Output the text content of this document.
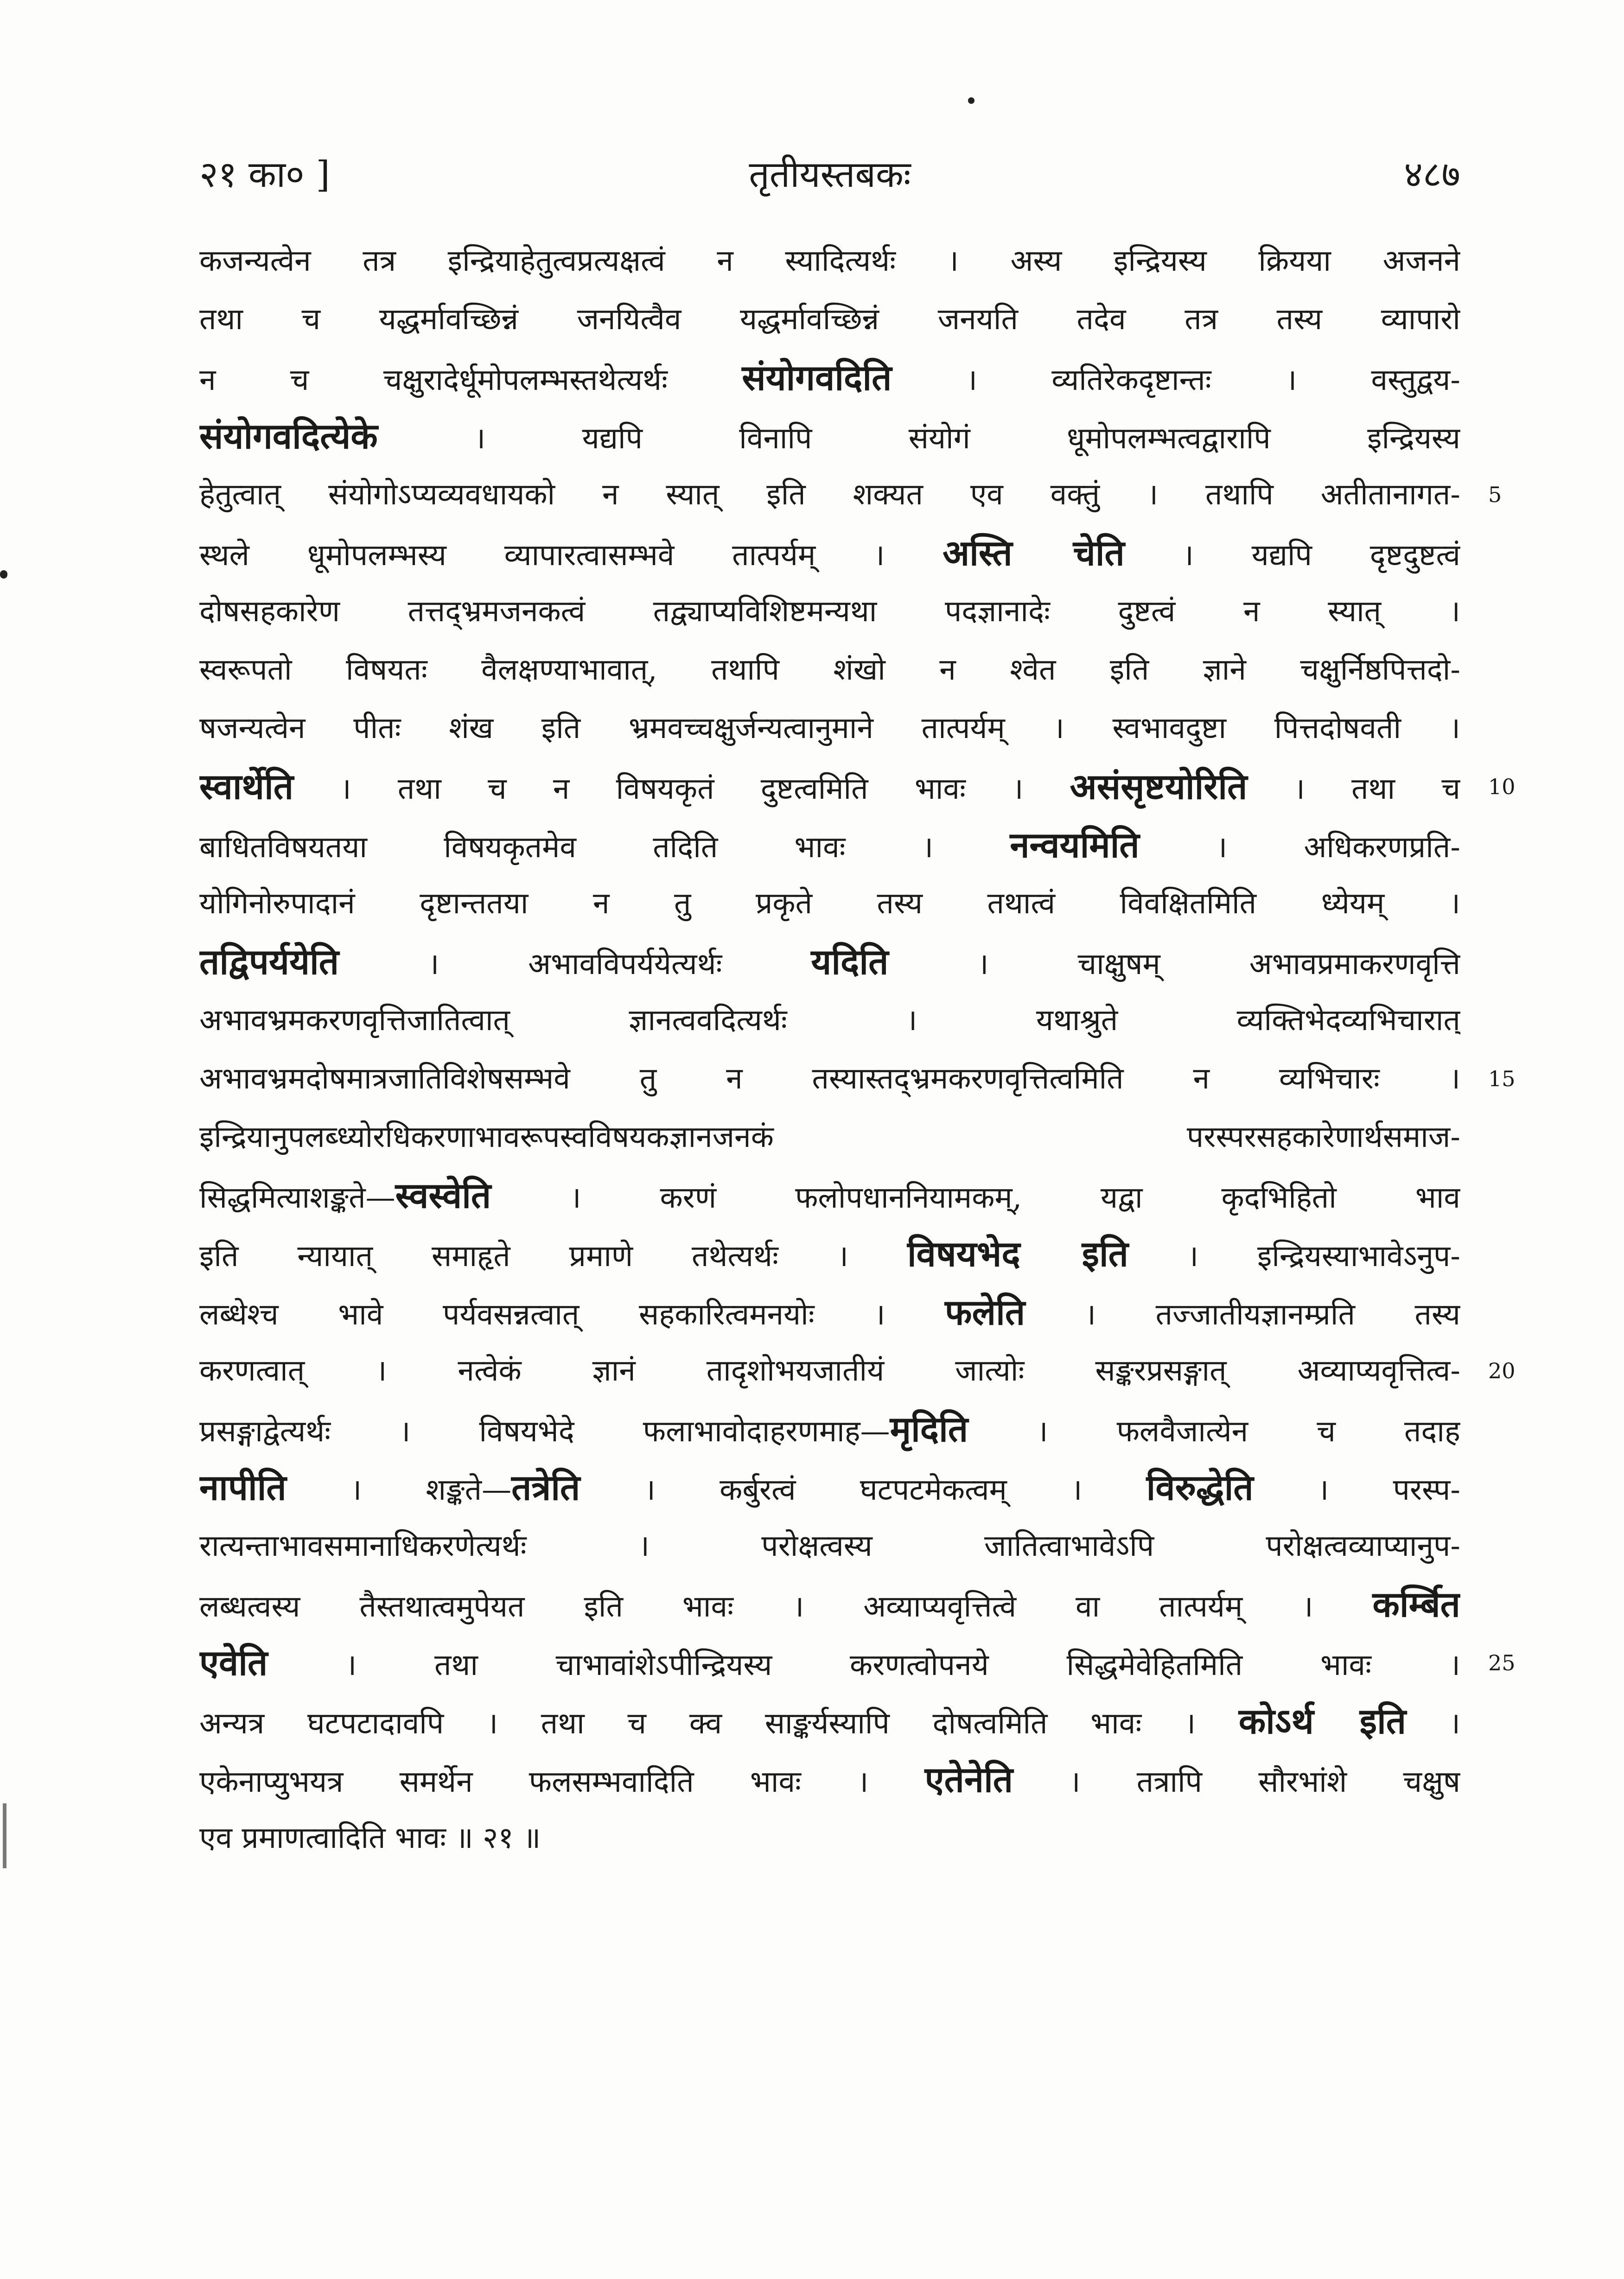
२१ का० ]	तृतीयस्तबकः	४८७
कजन्यत्वेन तत्र इन्द्रियाहेतुत्वप्रत्यक्षत्वं न स्यादित्यर्थः । अस्य इन्द्रियस्य क्रियया अजनने
तथा च यद्धर्मावच्छिन्नं जनयित्वैव यद्धर्मावच्छिन्नं जनयति तदेव तत्र तस्य व्यापारो
न च चक्षुरादेर्धूमोपलम्भस्तथेत्यर्थः संयोगवदिति । व्यतिरेकदृष्टान्तः । वस्तुद्वय-
संयोगवदित्येके । यद्यपि विनापि संयोगं धूमोपलम्भत्वद्वारापि इन्द्रियस्य
हेतुत्वात् संयोगोऽप्यव्यवधायको न स्यात् इति शक्यत एव वक्तुं । तथापि अतीतानागत-
स्थले धूमोपलम्भस्य व्यापारत्वासम्भवे तात्पर्यम् । अस्ति चेति । यद्यपि दृष्टदुष्टत्वं
दोषसहकारेण तत्तद्भ्रमजनकत्वं तद्व्याप्यविशिष्टमन्यथा पदज्ञानादेः दुष्टत्वं न स्यात् ।
स्वरूपतो विषयतः वैलक्षण्याभावात्, तथापि शंखो न श्वेत इति ज्ञाने चक्षुर्निष्ठपित्तदो-
षजन्यत्वेन पीतः शंख इति भ्रमवच्चक्षुर्जन्यत्वानुमाने तात्पर्यम् । स्वभावदुष्टा पित्तदोषवती ।
स्वार्थेति । तथा च न विषयकृतं दुष्टत्वमिति भावः । असंसृष्टयोरिति । तथा च
बाधितविषयतया विषयकृतमेव तदिति भावः । नन्वयमिति । अधिकरणप्रति-
योगिनोरुपादानं दृष्टान्ततया न तु प्रकृते तस्य तथात्वं विवक्षितमिति ध्येयम् ।
तद्विपर्ययेति । अभावविपर्ययेत्यर्थः यदिति । चाक्षुषम् अभावप्रमाकरणवृत्ति
अभावभ्रमकरणवृत्तिजातित्वात् ज्ञानत्ववदित्यर्थः । यथाश्रुते व्यक्तिभेदव्यभिचारात्
अभावभ्रमदोषमात्रजातिविशेषसम्भवे तु न तस्यास्तद्भ्रमकरणवृत्तित्वमिति न व्यभिचारः ।
इन्द्रियानुपलब्ध्योरधिकरणाभावरूपस्वविषयकज्ञानजनकं परस्परसहकारेणार्थसमाज-
सिद्धमित्याशङ्कते—स्वस्वेति । करणं फलोपधाननियामकम्, यद्वा कृदभिहितो भाव
इति न्यायात् समाहृते प्रमाणे तथेत्यर्थः । विषयभेद इति । इन्द्रियस्याभावेऽनुप-
लब्धेश्च भावे पर्यवसन्नत्वात् सहकारित्वमनयोः । फलेति । तज्जातीयज्ञानम्प्रति तस्य
करणत्वात् । नत्वेकं ज्ञानं तादृशोभयजातीयं जात्योः सङ्करप्रसङ्गात् अव्याप्यवृत्तित्व-
प्रसङ्गाद्वेत्यर्थः । विषयभेदे फलाभावोदाहरणमाह—मृदिति । फलवैजात्येन च तदाह
नापीति । शङ्कते—तत्रेति । कर्बुरत्वं घटपटमेकत्वम् । विरुद्धेति । परस्प-
रात्यन्ताभावसमानाधिकरणेत्यर्थः । परोक्षत्वस्य जातित्वाभावेऽपि परोक्षत्वव्याप्यानुप-
लब्धत्वस्य तैस्तथात्वमुपेयत इति भावः । अव्याप्यवृत्तित्वे वा तात्पर्यम् । कर्म्बित
एवेति । तथा चाभावांशेऽपीन्द्रियस्य करणत्वोपनये सिद्धमेवेहितमिति भावः ।
अन्यत्र घटपटादावपि । तथा च क्व साङ्कर्यस्यापि दोषत्वमिति भावः । कोऽर्थ इति ।
एकेनाप्युभयत्र समर्थेन फलसम्भवादिति भावः । एतेनेति । तत्रापि सौरभांशे चक्षुष
एव प्रमाणत्वादिति भावः ॥ २१ ॥
5
10
15
20
25
